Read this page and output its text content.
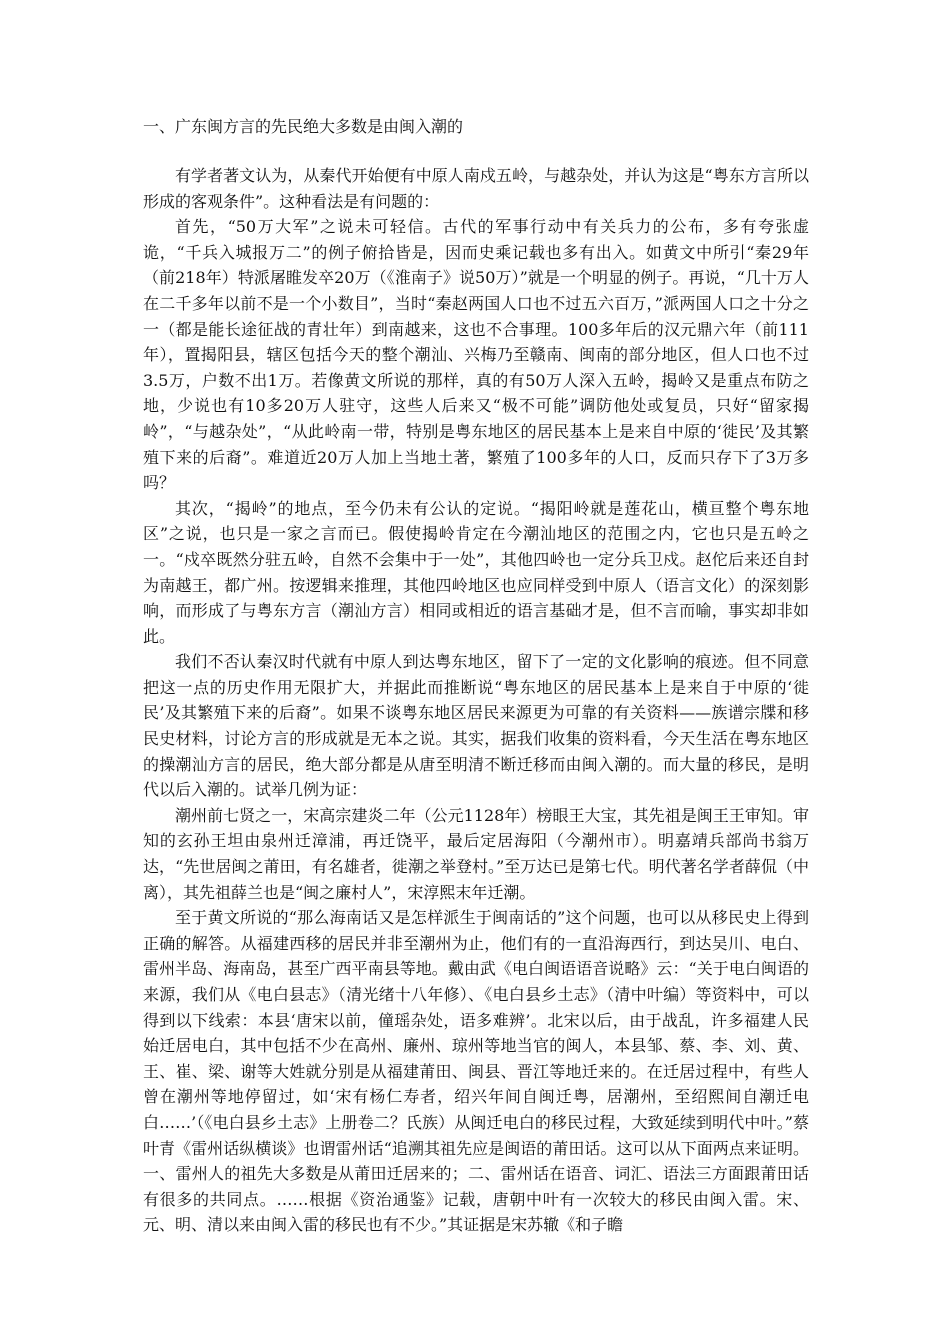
一、广东闽方言的先民绝大多数是由闽入潮的

有学者著文认为，从秦代开始便有中原人南戍五岭，与越杂处，并认为这是“粤东方言所以形成的客观条件”。这种看法是有问题的：

首先，“50万大军”之说未可轻信。古代的军事行动中有关兵力的公布，多有夸张虚诡，“千兵入城报万二”的例子俯拾皆是，因而史乘记载也多有出入。如黄文中所引“秦29年（前218年）特派屠睢发卒20万（《淮南子》说50万）”就是一个明显的例子。再说，“几十万人在二千多年以前不是一个小数目”，当时“秦赵两国人口也不过五六百万，”派两国人口之十分之一（都是能长途征战的青壮年）到南越来，这也不合事理。100多年后的汉元鼎六年（前111年），置揭阳县，辖区包括今天的整个潮汕、兴梅乃至赣南、闽南的部分地区，但人口也不过3.5万，户数不出1万。若像黄文所说的那样，真的有50万人深入五岭，揭岭又是重点布防之地，少说也有10多20万人驻守，这些人后来又“极不可能”调防他处或复员，只好“留家揭岭”，“与越杂处”，“从此岭南一带，特别是粤东地区的居民基本上是来自中原的‘徙民’及其繁殖下来的后裔”。难道近20万人加上当地土著，繁殖了100多年的人口，反而只存下了3万多吗？

其次，“揭岭”的地点，至今仍未有公认的定说。“揭阳岭就是莲花山，横亘整个粤东地区”之说，也只是一家之言而已。假使揭岭肯定在今潮汕地区的范围之内，它也只是五岭之一。“戍卒既然分驻五岭，自然不会集中于一处”，其他四岭也一定分兵卫戍。赵佗后来还自封为南越王，都广州。按逻辑来推理，其他四岭地区也应同样受到中原人（语言文化）的深刻影响，而形成了与粤东方言（潮汕方言）相同或相近的语言基础才是，但不言而喻，事实却非如此。

我们不否认秦汉时代就有中原人到达粤东地区，留下了一定的文化影响的痕迹。但不同意把这一点的历史作用无限扩大，并据此而推断说“粤东地区的居民基本上是来自于中原的‘徙民’及其繁殖下来的后裔”。如果不谈粤东地区居民来源更为可靠的有关资料——族谱宗牒和移民史材料，讨论方言的形成就是无本之说。其实，据我们收集的资料看，今天生活在粤东地区的操潮汕方言的居民，绝大部分都是从唐至明清不断迁移而由闽入潮的。而大量的移民，是明代以后入潮的。试举几例为证：

潮州前七贤之一，宋高宗建炎二年（公元1128年）榜眼王大宝，其先祖是闽王王审知。审知的玄孙王坦由泉州迁漳浦，再迁饶平，最后定居海阳（今潮州市）。明嘉靖兵部尚书翁万达，“先世居闽之莆田，有名雄者，徙潮之举登村。”至万达已是第七代。明代著名学者薛侃（中离），其先祖薛兰也是“闽之廉村人”，宋淳熙末年迁潮。

至于黄文所说的“那么海南话又是怎样派生于闽南话的”这个问题，也可以从移民史上得到正确的解答。从福建西移的居民并非至潮州为止，他们有的一直沿海西行，到达吴川、电白、雷州半岛、海南岛，甚至广西平南县等地。戴由武《电白闽语语音说略》云：“关于电白闽语的来源，我们从《电白县志》（清光绪十八年修）、《电白县乡土志》（清中叶编）等资料中，可以得到以下线索：本县‘唐宋以前，僮瑶杂处，语多难辨’。北宋以后，由于战乱，许多福建人民始迁居电白，其中包括不少在高州、廉州、琼州等地当官的闽人，本县邹、蔡、李、刘、黄、王、崔、梁、谢等大姓就分别是从福建莆田、闽县、晋江等地迁来的。在迁居过程中，有些人曾在潮州等地停留过，如‘宋有杨仁寿者，绍兴年间自闽迁粤，居潮州，至绍熙间自潮迁电白……’（《电白县乡土志》上册卷二？氏族）从闽迁电白的移民过程，大致延续到明代中叶。”蔡叶青《雷州话纵横谈》也谓雷州话“追溯其祖先应是闽语的莆田话。这可以从下面两点来证明。一、雷州人的祖先大多数是从莆田迁居来的；二、雷州话在语音、词汇、语法三方面跟莆田话有很多的共同点。……根据《资治通鉴》记载，唐朝中叶有一次较大的移民由闽入雷。宋、元、明、清以来由闽入雷的移民也有不少。”其证据是宋苏辙《和子瞻
